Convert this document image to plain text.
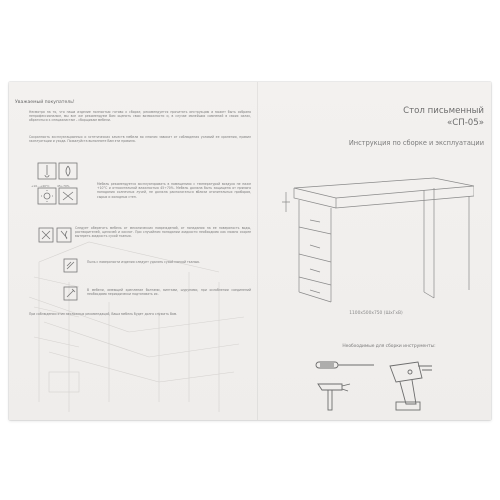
Уважаемый покупатель!
Несмотря на то, что наша изделие полностью готово к сборке, рекомендуется прочитать инструкцию и может быть собрано непрофессионалом, мы все же рекомендуем Вам оценить свои возможности и, в случае малейших сомнений в своих силах, обратиться к специалистам – сборщикам мебели.
Сохранность эксплуатационных и эстетических качеств мебели во многом зависит от соблюдения условий ее хранения, правил эксплуатации и ухода. Пожалуйста выполните Вам эти правила.
+10...+40°C	45÷70%	Мебель рекомендуется эксплуатировать в помещениях с температурой воздуха не ниже +10°С и относительной влажностью 45÷70%. Мебель должна быть защищена от прямого попадания солнечных лучей, не должна располагаться вблизи отопительных приборов, сырых и холодных стен.
Следует оберегать мебель от механических повреждений, от попадания на ее поверхность воды, растворителей, щелочей и кислот. При случайном попадании жидкости необходимо как можно скорее вытереть жидкость сухой тканью.
Пыль с поверхности изделия следует удалять сухой мягкой тканью.
В мебели, имеющей крепление болтами, винтами, шурупами, при ослаблении соединений необходимо периодически подтягивать их.
При соблюдении этих несложных рекомендаций, Ваша мебель будет долго служить Вам.
Стол письменный
«СП-05»
Инструкция по сборке и эксплуатации
1100x500x750 (ШхГхВ)
Необходимые для сборки инструменты:
